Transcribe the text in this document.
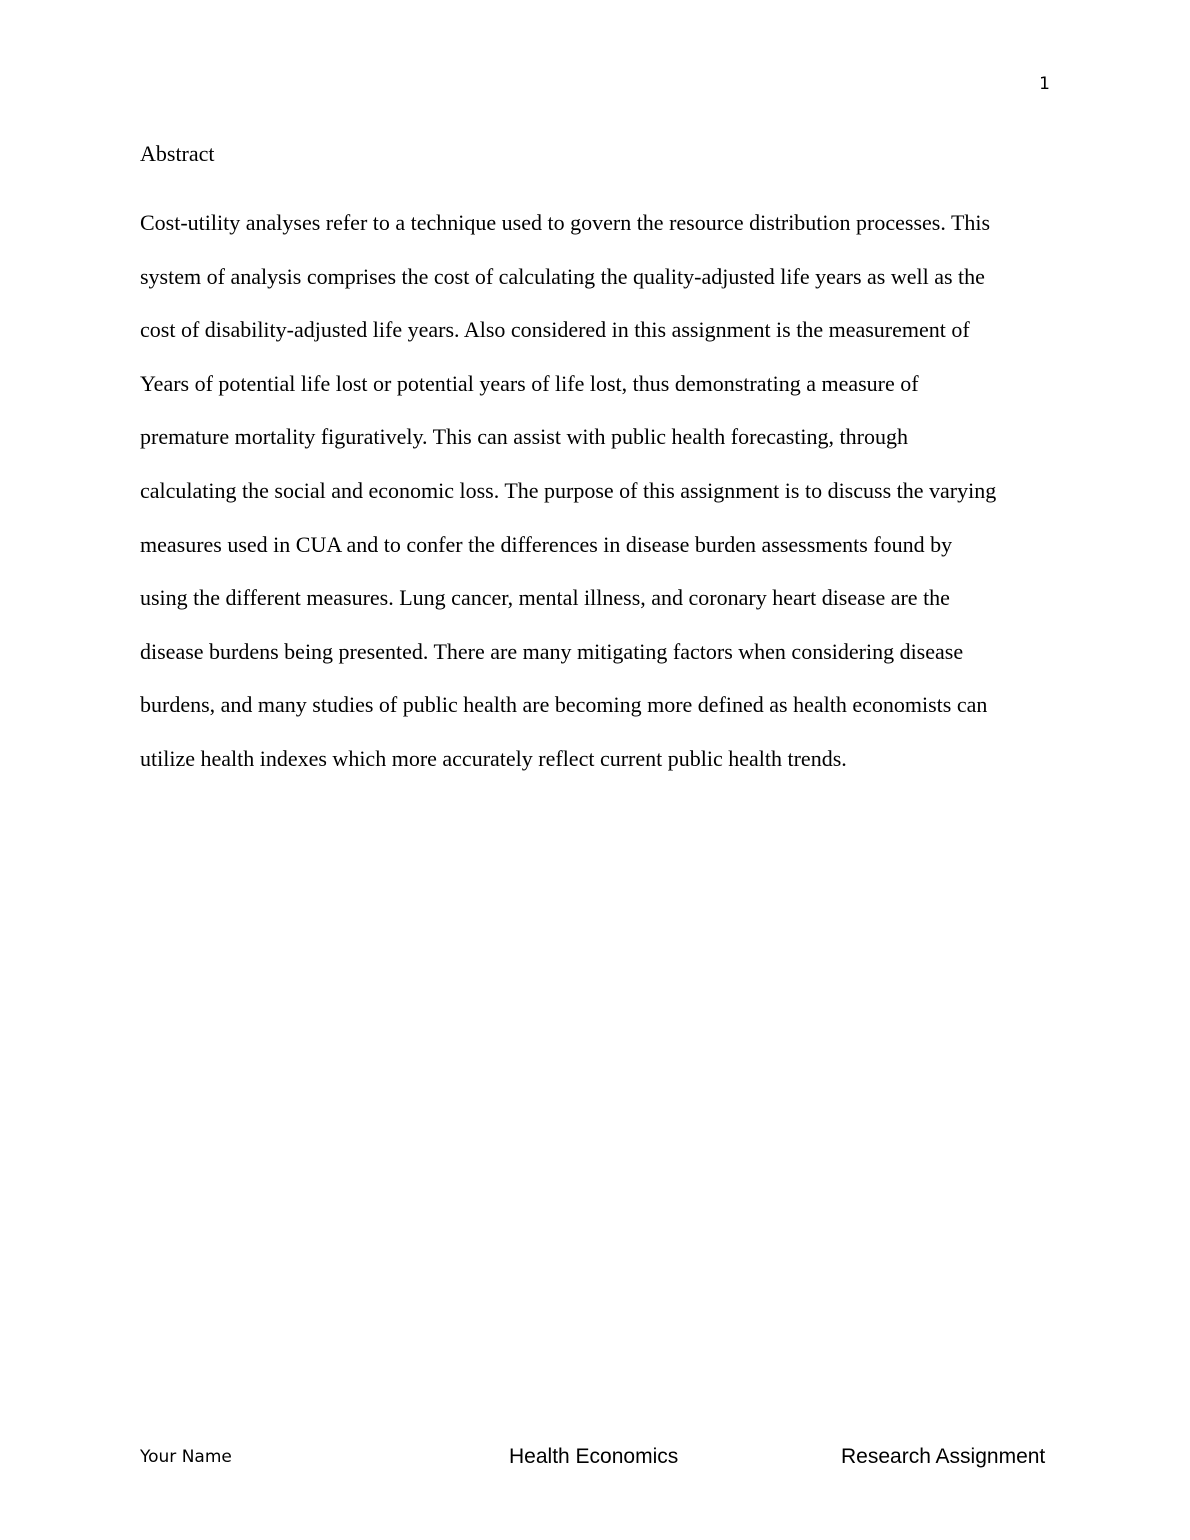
1
Abstract
Cost-utility analyses refer to a technique used to govern the resource distribution processes. This
system of analysis comprises the cost of calculating the quality-adjusted life years as well as the
cost of disability-adjusted life years. Also considered in this assignment is the measurement of
Years of potential life lost or potential years of life lost, thus demonstrating a measure of
premature mortality figuratively. This can assist with public health forecasting, through
calculating the social and economic loss. The purpose of this assignment is to discuss the varying
measures used in CUA and to confer the differences in disease burden assessments found by
using the different measures. Lung cancer, mental illness, and coronary heart disease are the
disease burdens being presented. There are many mitigating factors when considering disease
burdens, and many studies of public health are becoming more defined as health economists can
utilize health indexes which more accurately reflect current public health trends.
Your Name	Health Economics	Research Assignment
